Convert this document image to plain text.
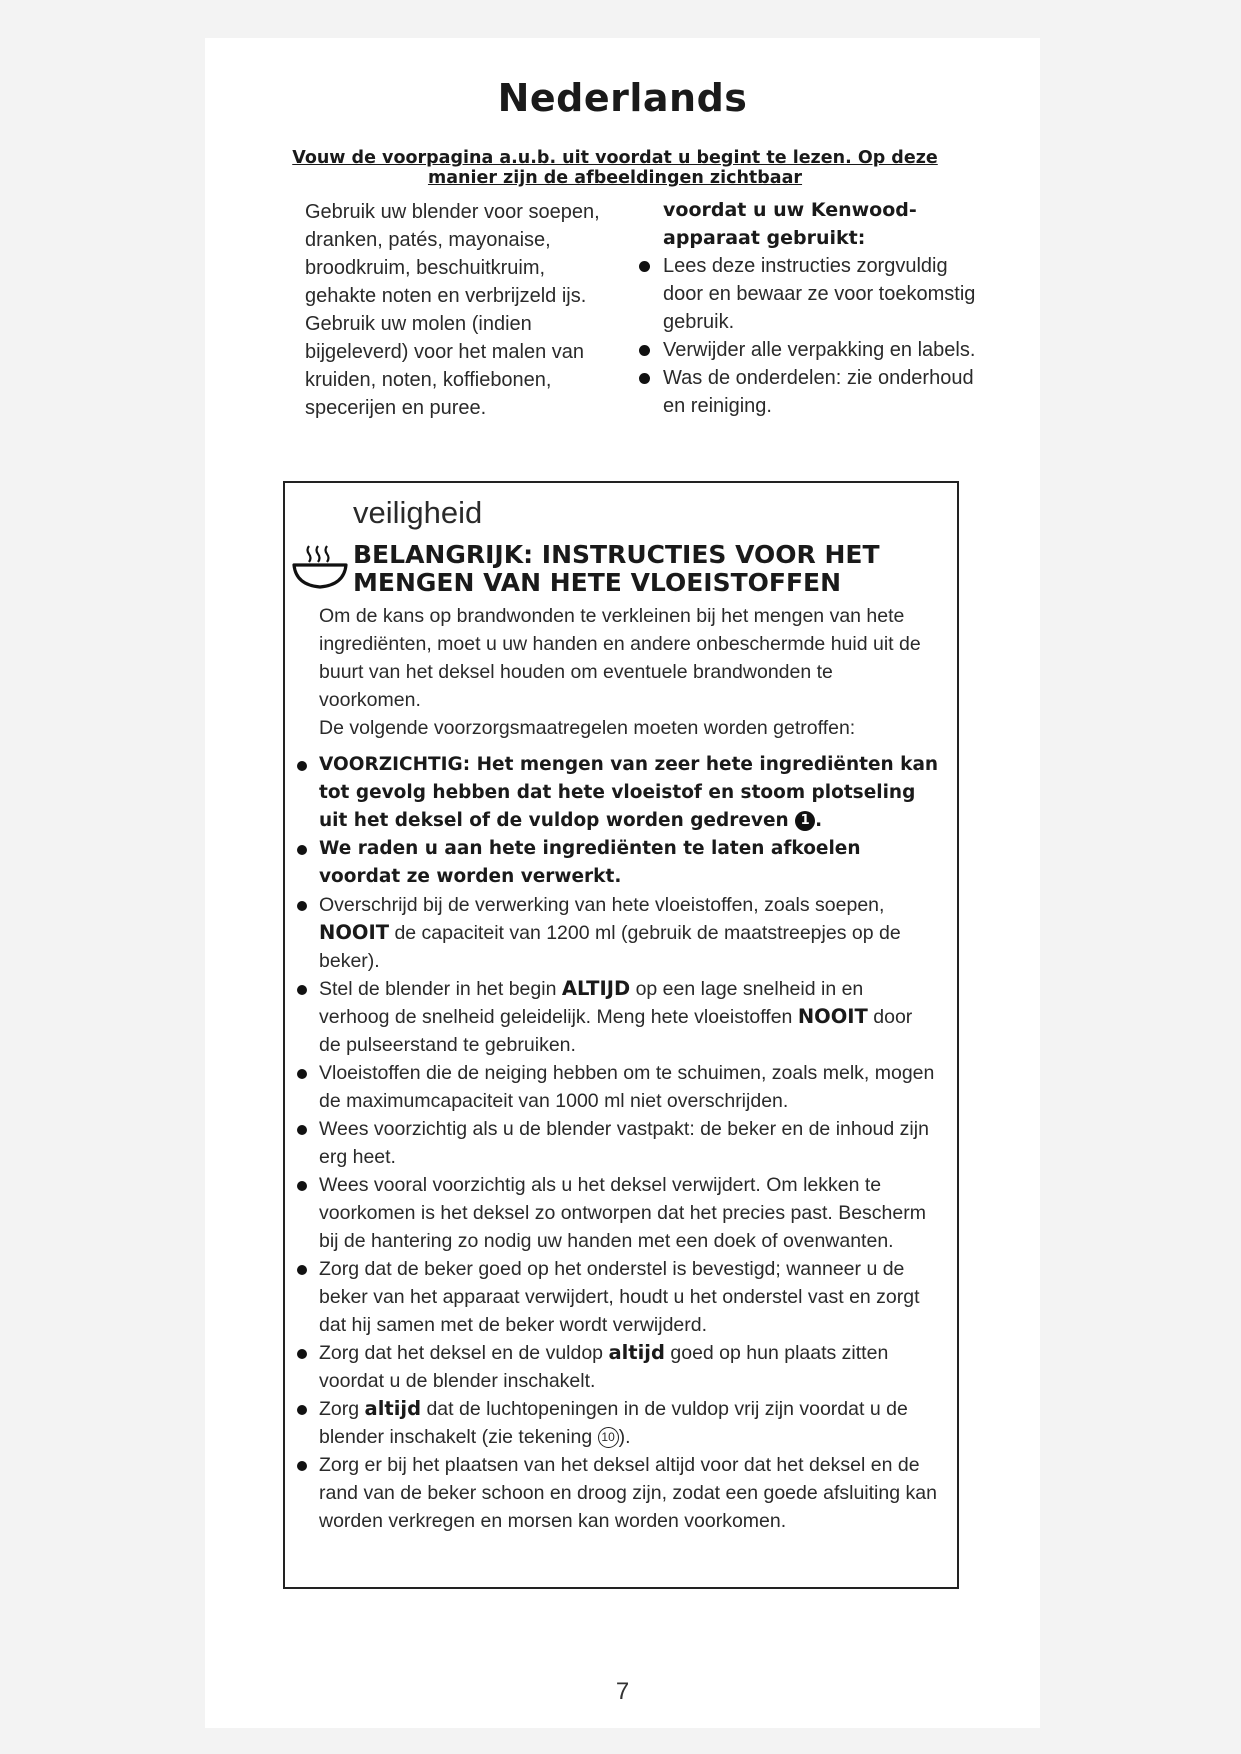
Nederlands
Vouw de voorpagina a.u.b. uit voordat u begint te lezen. Op deze manier zijn de afbeeldingen zichtbaar
Gebruik uw blender voor soepen, dranken, patés, mayonaise, broodkruim, beschuitkruim, gehakte noten en verbrijzeld ijs. Gebruik uw molen (indien bijgeleverd) voor het malen van kruiden, noten, koffiebonen, specerijen en puree.
voordat u uw Kenwood-apparaat gebruikt:
Lees deze instructies zorgvuldig door en bewaar ze voor toekomstig gebruik.
Verwijder alle verpakking en labels.
Was de onderdelen: zie onderhoud en reiniging.
veiligheid
BELANGRIJK: INSTRUCTIES VOOR HET MENGEN VAN HETE VLOEISTOFFEN

Om de kans op brandwonden te verkleinen bij het mengen van hete ingrediënten, moet u uw handen en andere onbeschermde huid uit de buurt van het deksel houden om eventuele brandwonden te voorkomen.

De volgende voorzorgsmaatregelen moeten worden getroffen:

VOORZICHTIG: Het mengen van zeer hete ingrediënten kan tot gevolg hebben dat hete vloeistof en stoom plotseling uit het deksel of de vuldop worden gedreven 1 .
We raden u aan hete ingrediënten te laten afkoelen voordat ze worden verwerkt.
Overschrijd bij de verwerking van hete vloeistoffen, zoals soepen, NOOIT de capaciteit van 1200 ml (gebruik de maatstreepjes op de beker).
Stel de blender in het begin ALTIJD op een lage snelheid in en verhoog de snelheid geleidelijk. Meng hete vloeistoffen NOOIT door de pulseerstand te gebruiken.
Vloeistoffen die de neiging hebben om te schuimen, zoals melk, mogen de maximumcapaciteit van 1000 ml niet overschrijden.
Wees voorzichtig als u de blender vastpakt: de beker en de inhoud zijn erg heet.
Wees vooral voorzichtig als u het deksel verwijdert. Om lekken te voorkomen is het deksel zo ontworpen dat het precies past. Bescherm bij de hantering zo nodig uw handen met een doek of ovenwanten.
Zorg dat de beker goed op het onderstel is bevestigd; wanneer u de beker van het apparaat verwijdert, houdt u het onderstel vast en zorgt dat hij samen met de beker wordt verwijderd.
Zorg dat het deksel en de vuldop altijd goed op hun plaats zitten voordat u de blender inschakelt.
Zorg altijd dat de luchtopeningen in de vuldop vrij zijn voordat u de blender inschakelt (zie tekening 10 ).
Zorg er bij het plaatsen van het deksel altijd voor dat het deksel en de rand van de beker schoon en droog zijn, zodat een goede afsluiting kan worden verkregen en morsen kan worden voorkomen.
7
